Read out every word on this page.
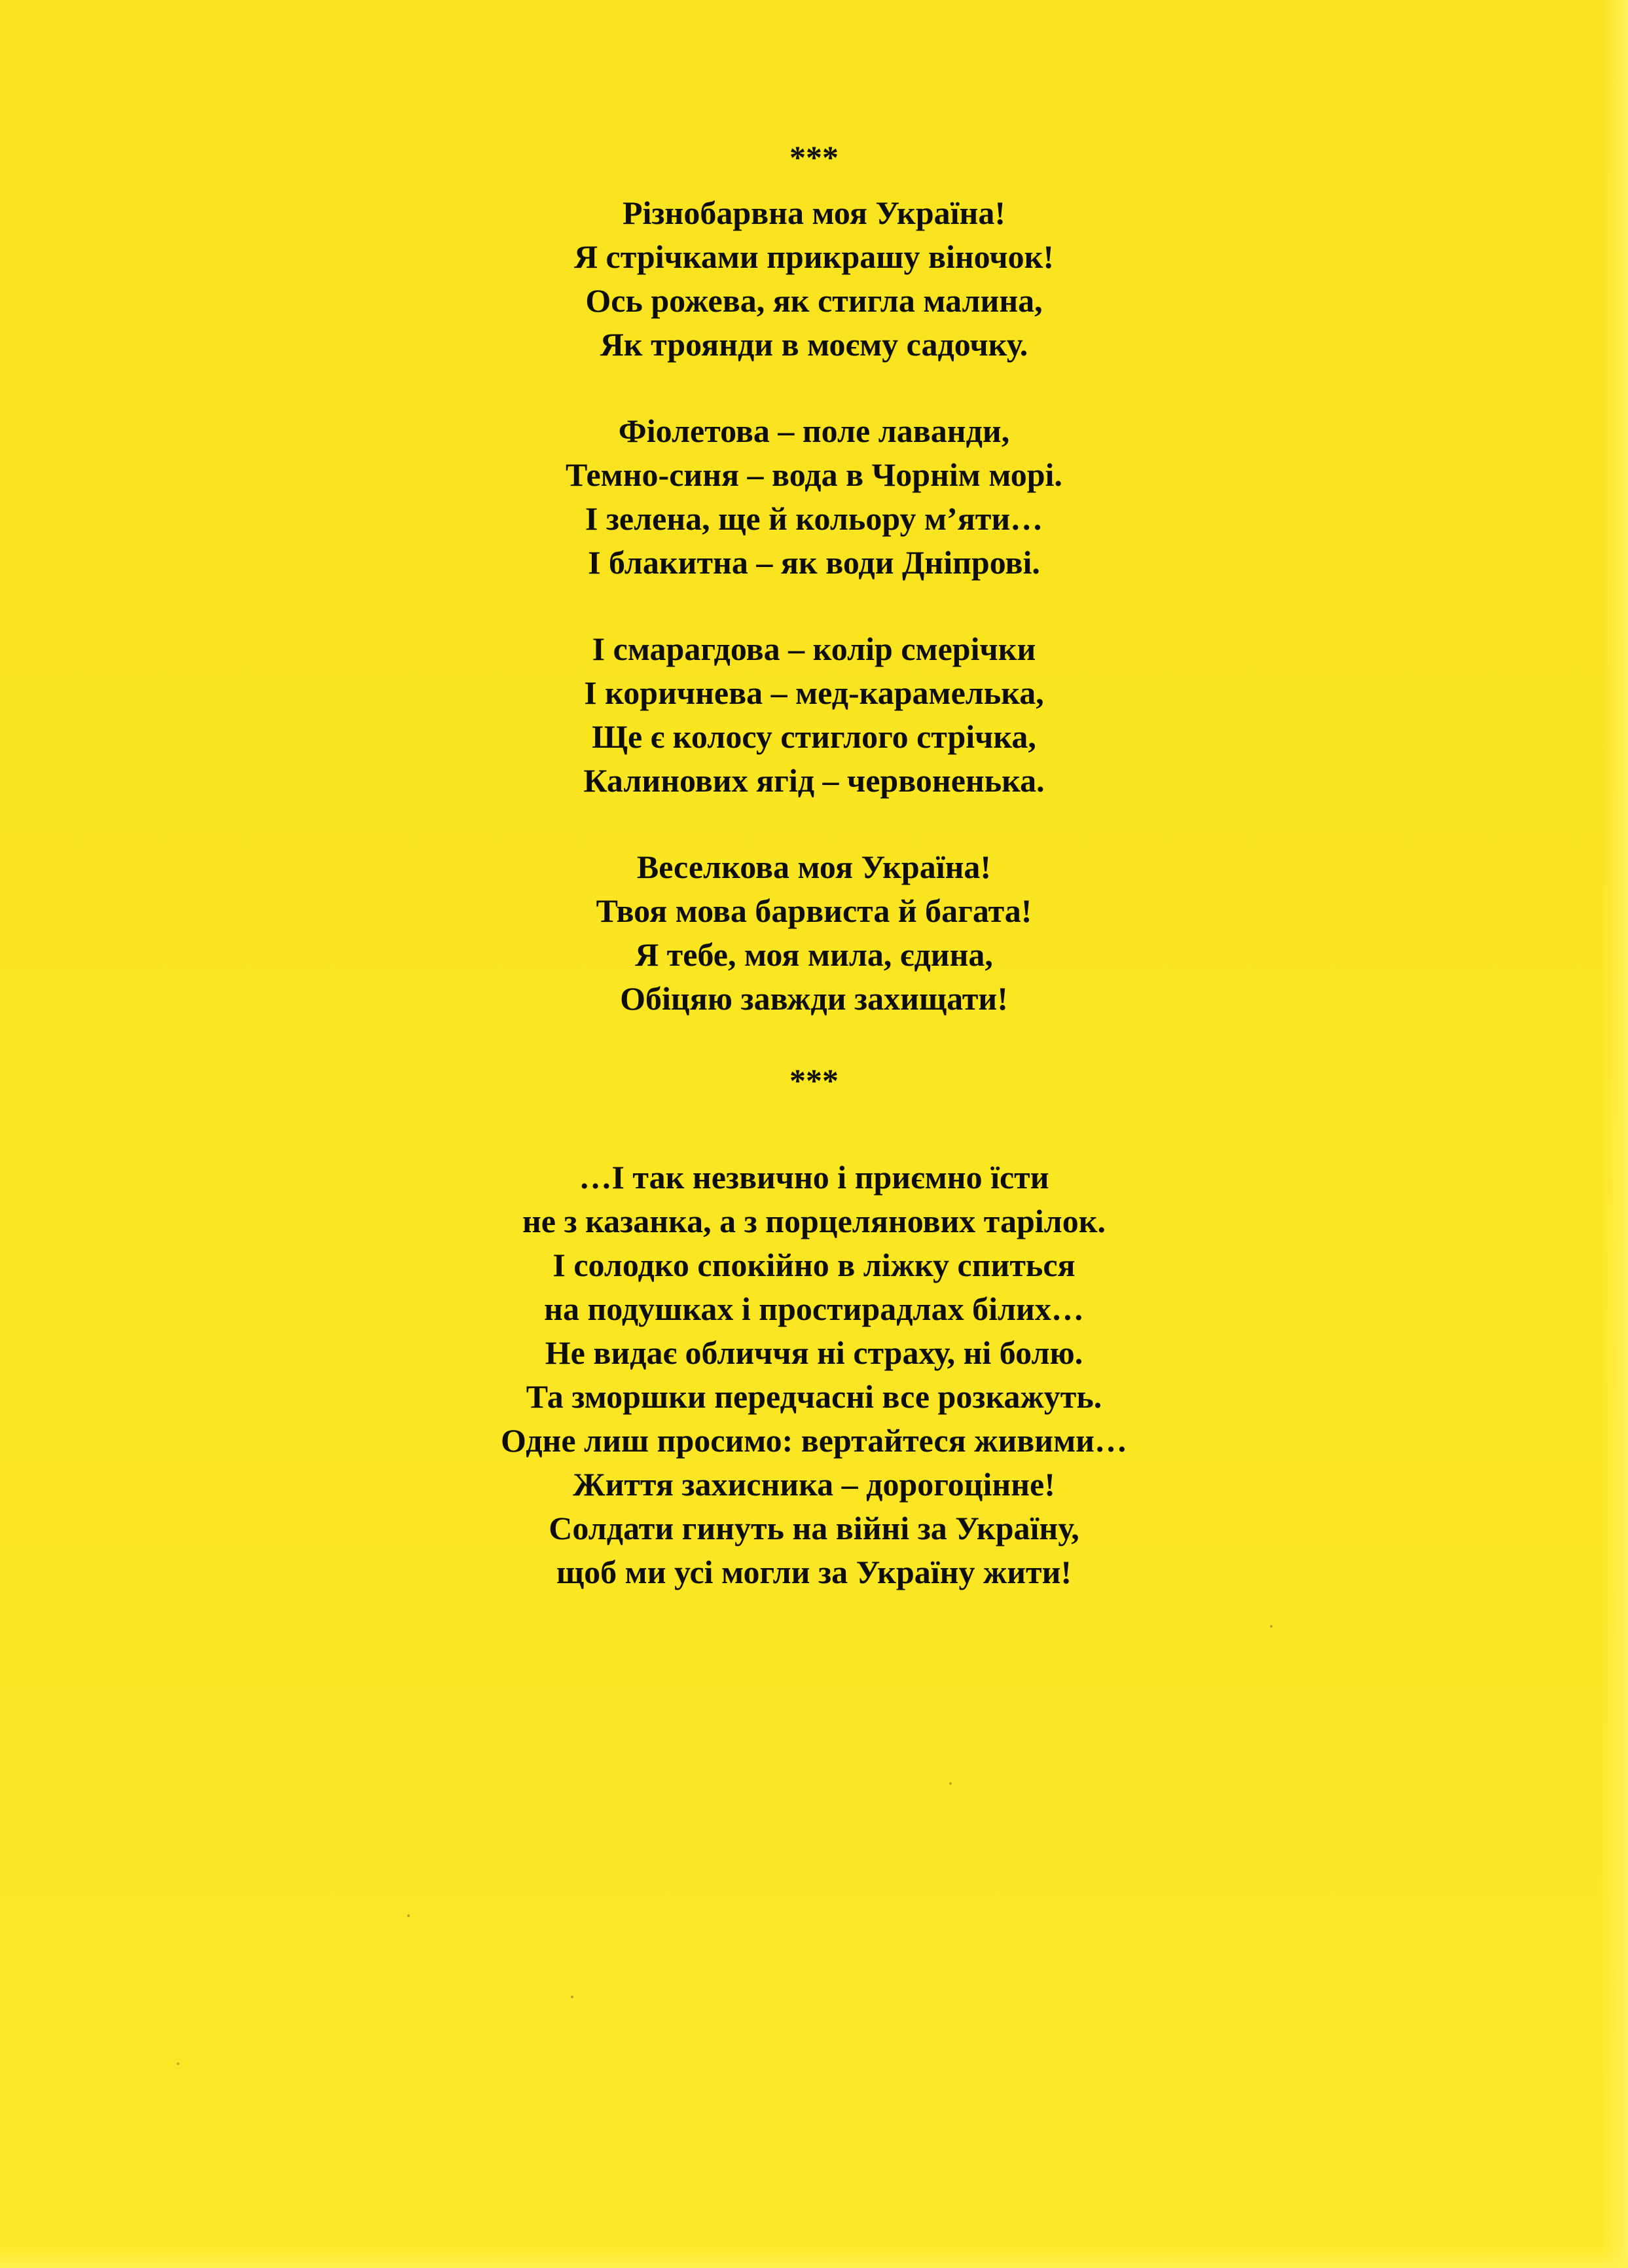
***
Різнобарвна моя Україна!
Я стрічками прикрашу віночок!
Ось рожева, як стигла малина,
Як троянди в моєму садочку.
Фіолетова – поле лаванди,
Темно-синя – вода в Чорнім морі.
І зелена, ще й кольору м’яти…
І блакитна – як води Дніпрові.
І смарагдова – колір смерічки
І коричнева – мед-карамелька,
Ще є колосу стиглого стрічка,
Калинових ягід – червоненька.
Веселкова моя Україна!
Твоя мова барвиста й багата!
Я тебе, моя мила, єдина,
Обіцяю завжди захищати!
***
…І так незвично і приємно їсти
не з казанка, а з порцелянових тарілок.
І солодко спокійно в ліжку спиться
на подушках і простирадлах білих…
Не видає обличчя ні страху, ні болю.
Та зморшки передчасні все розкажуть.
Одне лиш просимо: вертайтеся живими…
Життя захисника – дорогоцінне!
Солдати гинуть на війні за Україну,
щоб ми усі могли за Україну жити!
